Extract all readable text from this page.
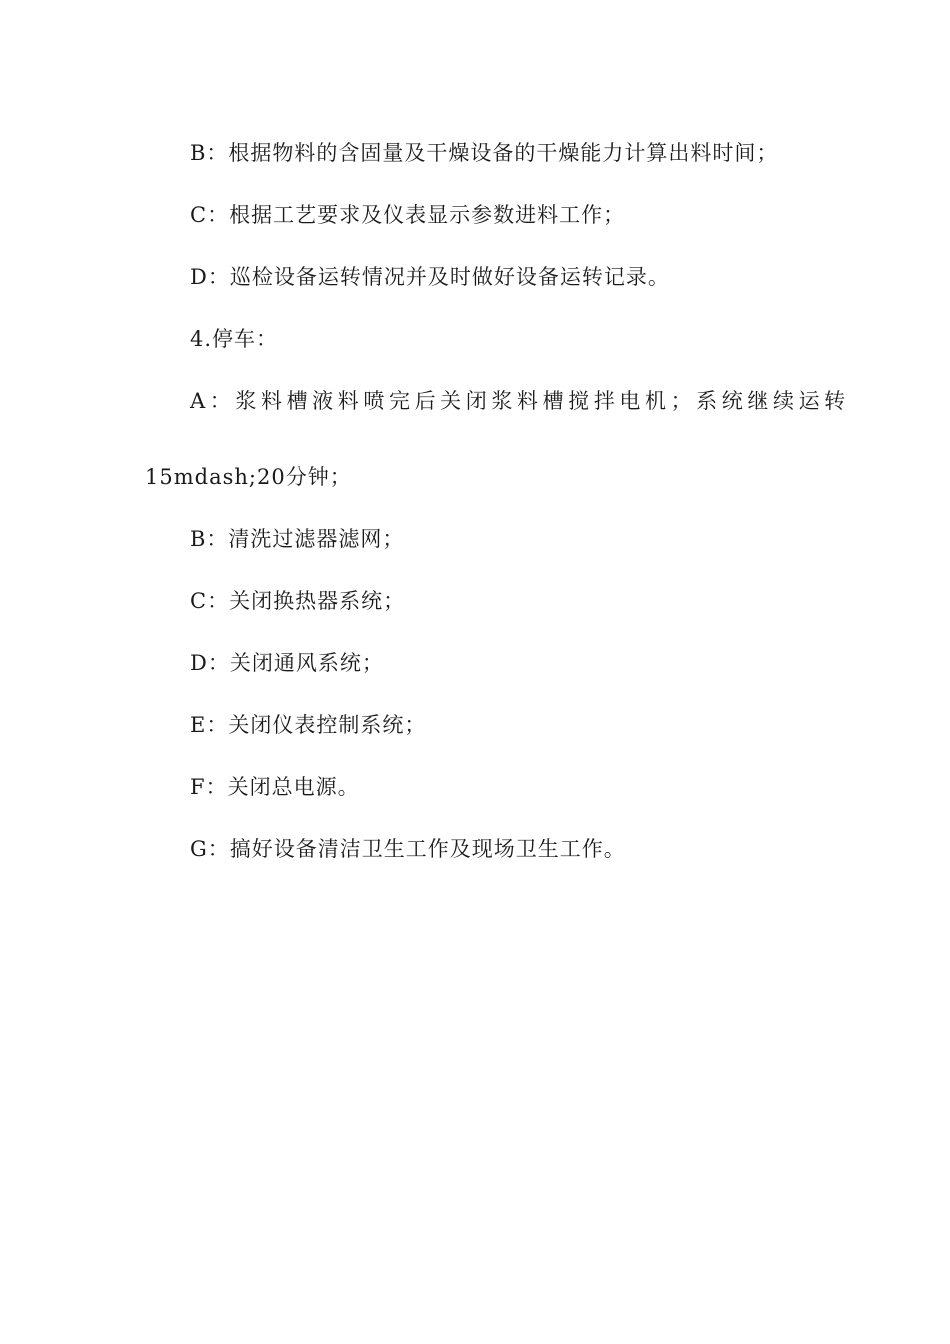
B：根据物料的含固量及干燥设备的干燥能力计算出料时间；
C：根据工艺要求及仪表显示参数进料工作；
D：巡检设备运转情况并及时做好设备运转记录。
4.停车：
A：浆料槽液料喷完后关闭浆料槽搅拌电机；系统继续运转
15mdash;20分钟；
B：清洗过滤器滤网；
C：关闭换热器系统；
D：关闭通风系统；
E：关闭仪表控制系统；
F：关闭总电源。
G：搞好设备清洁卫生工作及现场卫生工作。
